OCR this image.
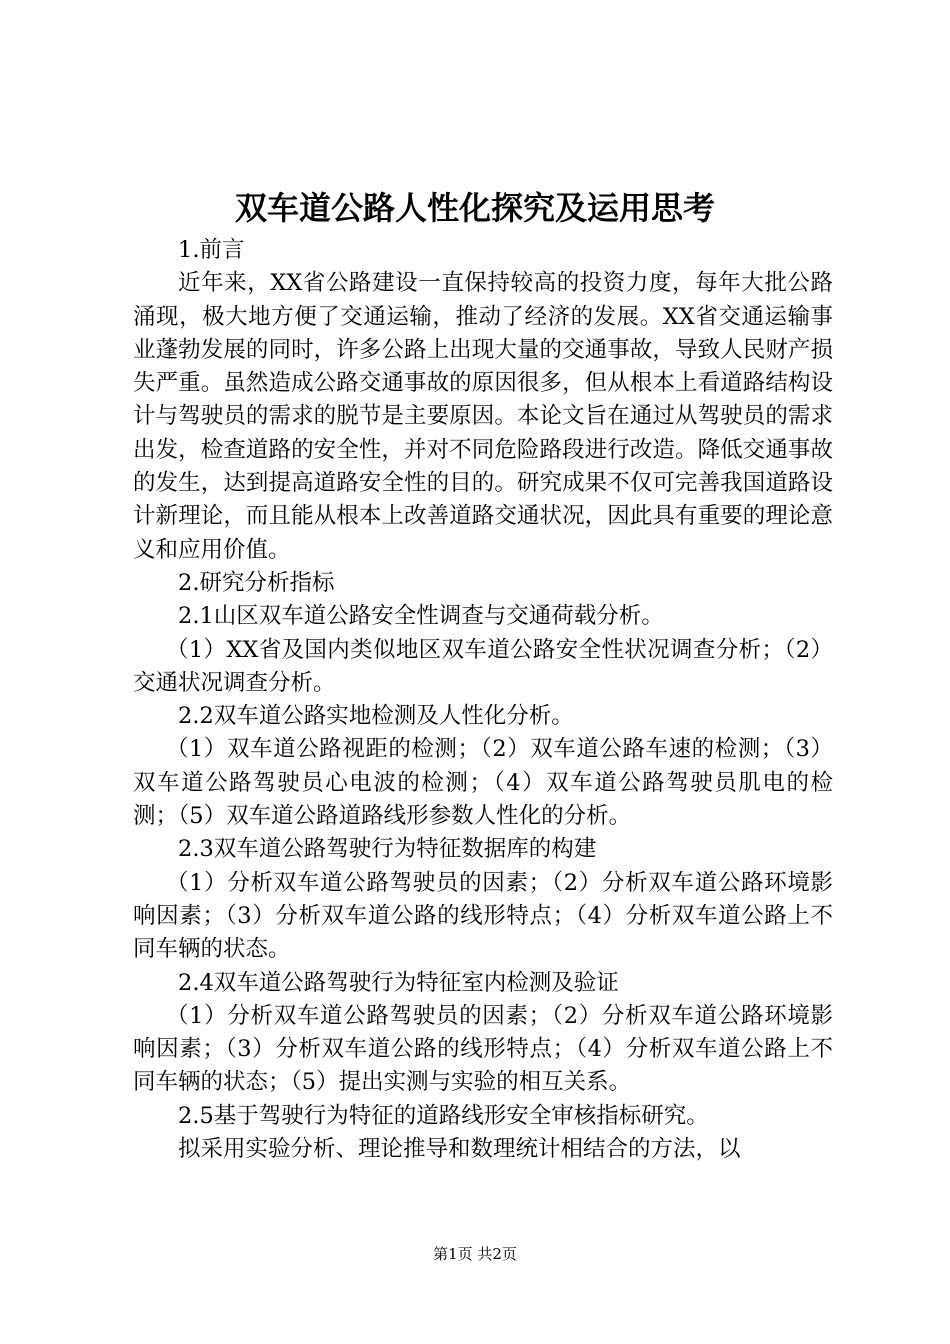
双车道公路人性化探究及运用思考

1.前言

近年来，XX省公路建设一直保持较高的投资力度，每年大批公路涌现，极大地方便了交通运输，推动了经济的发展。XX省交通运输事业蓬勃发展的同时，许多公路上出现大量的交通事故，导致人民财产损失严重。虽然造成公路交通事故的原因很多，但从根本上看道路结构设计与驾驶员的需求的脱节是主要原因。本论文旨在通过从驾驶员的需求出发，检查道路的安全性，并对不同危险路段进行改造。降低交通事故的发生，达到提高道路安全性的目的。研究成果不仅可完善我国道路设计新理论，而且能从根本上改善道路交通状况，因此具有重要的理论意义和应用价值。

2.研究分析指标

2.1山区双车道公路安全性调查与交通荷载分析。

（1）XX省及国内类似地区双车道公路安全性状况调查分析；（2）交通状况调查分析。

2.2双车道公路实地检测及人性化分析。

（1）双车道公路视距的检测；（2）双车道公路车速的检测；（3）双车道公路驾驶员心电波的检测；（4）双车道公路驾驶员肌电的检测；（5）双车道公路道路线形参数人性化的分析。

2.3双车道公路驾驶行为特征数据库的构建

（1）分析双车道公路驾驶员的因素；（2）分析双车道公路环境影响因素；（3）分析双车道公路的线形特点；（4）分析双车道公路上不同车辆的状态。

2.4双车道公路驾驶行为特征室内检测及验证

（1）分析双车道公路驾驶员的因素；（2）分析双车道公路环境影响因素；（3）分析双车道公路的线形特点；（4）分析双车道公路上不同车辆的状态；（5）提出实测与实验的相互关系。

2.5基于驾驶行为特征的道路线形安全审核指标研究。

拟采用实验分析、理论推导和数理统计相结合的方法，以

第1页 共2页
